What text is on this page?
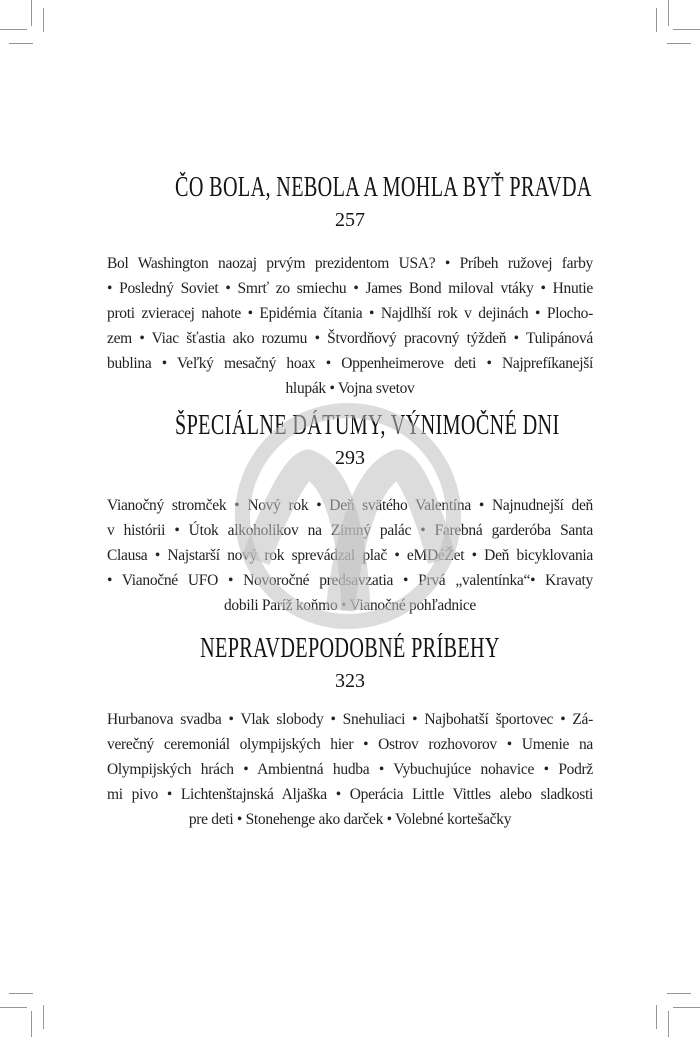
ČO BOLA, NEBOLA A MOHLA BYŤ PRAVDA
257
Bol Washington naozaj prvým prezidentom USA? • Príbeh ružovej farby
• Posledný Soviet • Smrť zo smiechu • James Bond miloval vtáky • Hnutie
proti zvieracej nahote • Epidémia čítania • Najdlhší rok v dejinách • Plocho-
zem • Viac šťastia ako rozumu • Štvordňový pracovný týždeň • Tulipánová
bublina • Veľký mesačný hoax • Oppenheimerove deti • Najprefíkanejší
hlupák • Vojna svetov
ŠPECIÁLNE DÁTUMY, VÝNIMOČNÉ DNI
293
Vianočný stromček • Nový rok • Deň svätého Valentína • Najnudnejší deň
v histórii • Útok alkoholikov na Zimný palác • Farebná garderóba Santa
Clausa • Najstarší nový rok sprevádzal plač • eMDéŽet • Deň bicyklovania
• Vianočné UFO • Novoročné predsavzatia • Prvá „valentínka“• Kravaty
dobili Paríž koňmo • Vianočné pohľadnice
NEPRAVDEPODOBNÉ PRÍBEHY
323
Hurbanova svadba • Vlak slobody • Snehuliaci • Najbohatší športovec • Zá-
verečný ceremoniál olympijských hier • Ostrov rozhovorov • Umenie na
Olympijských hrách • Ambientná hudba • Vybuchujúce nohavice • Podrž
mi pivo • Lichtenštajnská Aljaška • Operácia Little Vittles alebo sladkosti
pre deti • Stonehenge ako darček • Volebné kortešačky
